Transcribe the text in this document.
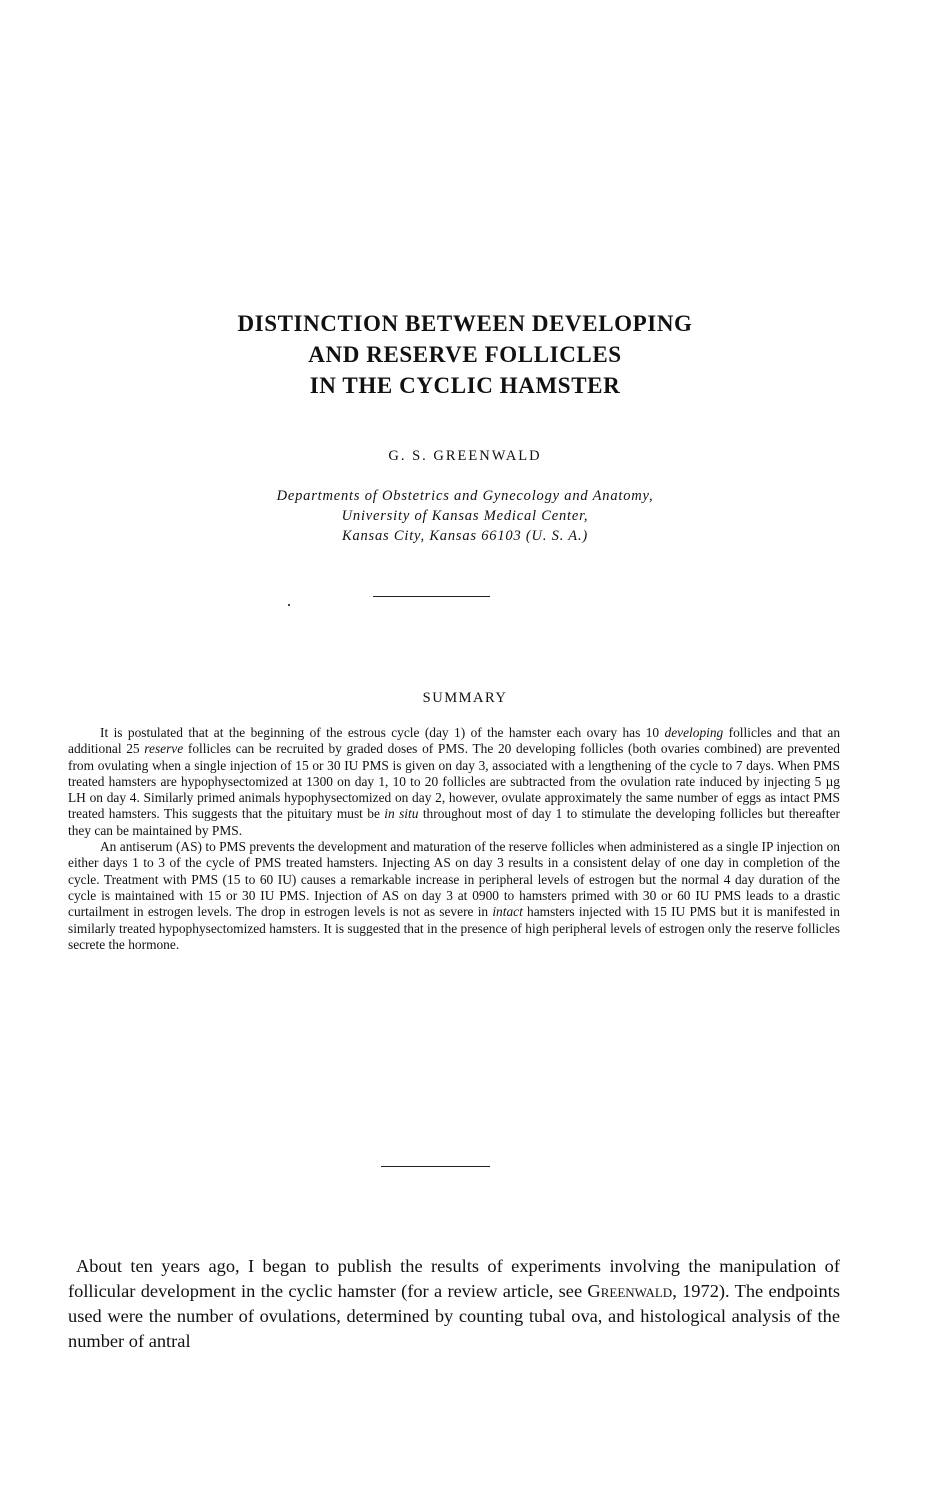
DISTINCTION BETWEEN DEVELOPING
AND RESERVE FOLLICLES
IN THE CYCLIC HAMSTER
G. S. GREENWALD
Departments of Obstetrics and Gynecology and Anatomy,
University of Kansas Medical Center,
Kansas City, Kansas 66103 (U. S. A.)
SUMMARY

It is postulated that at the beginning of the estrous cycle (day 1) of the hamster each ovary has 10 developing follicles and that an additional 25 reserve follicles can be recruited by graded doses of PMS. The 20 developing follicles (both ovaries combined) are prevented from ovulating when a single injection of 15 or 30 IU PMS is given on day 3, associated with a lengthening of the cycle to 7 days. When PMS treated hamsters are hypophysectomized at 1300 on day 1, 10 to 20 follicles are subtracted from the ovulation rate induced by injecting 5 µg LH on day 4. Similarly primed animals hypophysectomized on day 2, however, ovulate approximately the same number of eggs as intact PMS treated hamsters. This suggests that the pituitary must be in situ throughout most of day 1 to stimulate the developing follicles but thereafter they can be maintained by PMS.

An antiserum (AS) to PMS prevents the development and maturation of the reserve follicles when administered as a single IP injection on either days 1 to 3 of the cycle of PMS treated hamsters. Injecting AS on day 3 results in a consistent delay of one day in completion of the cycle. Treatment with PMS (15 to 60 IU) causes a remarkable increase in peripheral levels of estrogen but the normal 4 day duration of the cycle is maintained with 15 or 30 IU PMS. Injection of AS on day 3 at 0900 to hamsters primed with 30 or 60 IU PMS leads to a drastic curtailment in estrogen levels. The drop in estrogen levels is not as severe in intact hamsters injected with 15 IU PMS but it is manifested in similarly treated hypophysectomized hamsters. It is suggested that in the presence of high peripheral levels of estrogen only the reserve follicles secrete the hormone.

About ten years ago, I began to publish the results of experiments involving the manipulation of follicular development in the cyclic hamster (for a review article, see Greenwald, 1972). The endpoints used were the number of ovulations, determined by counting tubal ova, and histological analysis of the number of antral
